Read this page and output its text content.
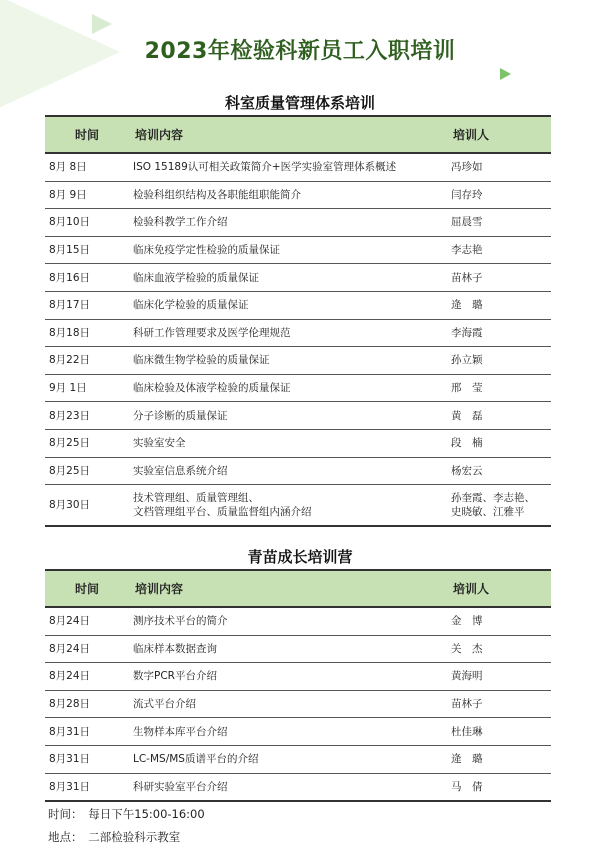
2023年检验科新员工入职培训
科室质量管理体系培训
时间	培训内容	培训人
8月 8日	ISO 15189认可相关政策简介+医学实验室管理体系概述	冯珍如
8月 9日	检验科组织结构及各职能组职能简介	闫存玲
8月10日	检验科教学工作介绍	屈晨雪
8月15日	临床免疫学定性检验的质量保证	李志艳
8月16日	临床血液学检验的质量保证	苗林子
8月17日	临床化学检验的质量保证	逄　璐
8月18日	科研工作管理要求及医学伦理规范	李海霞
8月22日	临床微生物学检验的质量保证	孙立颖
9月 1日	临床检验及体液学检验的质量保证	邢　莹
8月23日	分子诊断的质量保证	黄　磊
8月25日	实验室安全	段　楠
8月25日	实验室信息系统介绍	杨宏云
8月30日	技术管理组、质量管理组、
文档管理组平台、质量监督组内涵介绍	孙奎霞、李志艳、
史晓敏、江雅平
青苗成长培训营
时间	培训内容	培训人
8月24日	测序技术平台的简介	金　博
8月24日	临床样本数据查询	关　杰
8月24日	数字PCR平台介绍	黄海明
8月28日	流式平台介绍	苗林子
8月31日	生物样本库平台介绍	杜佳琳
8月31日	LC-MS/MS质谱平台的介绍	逄　璐
8月31日	科研实验室平台介绍	马　倩
时间：　每日下午15:00-16:00
地点：　二部检验科示教室
